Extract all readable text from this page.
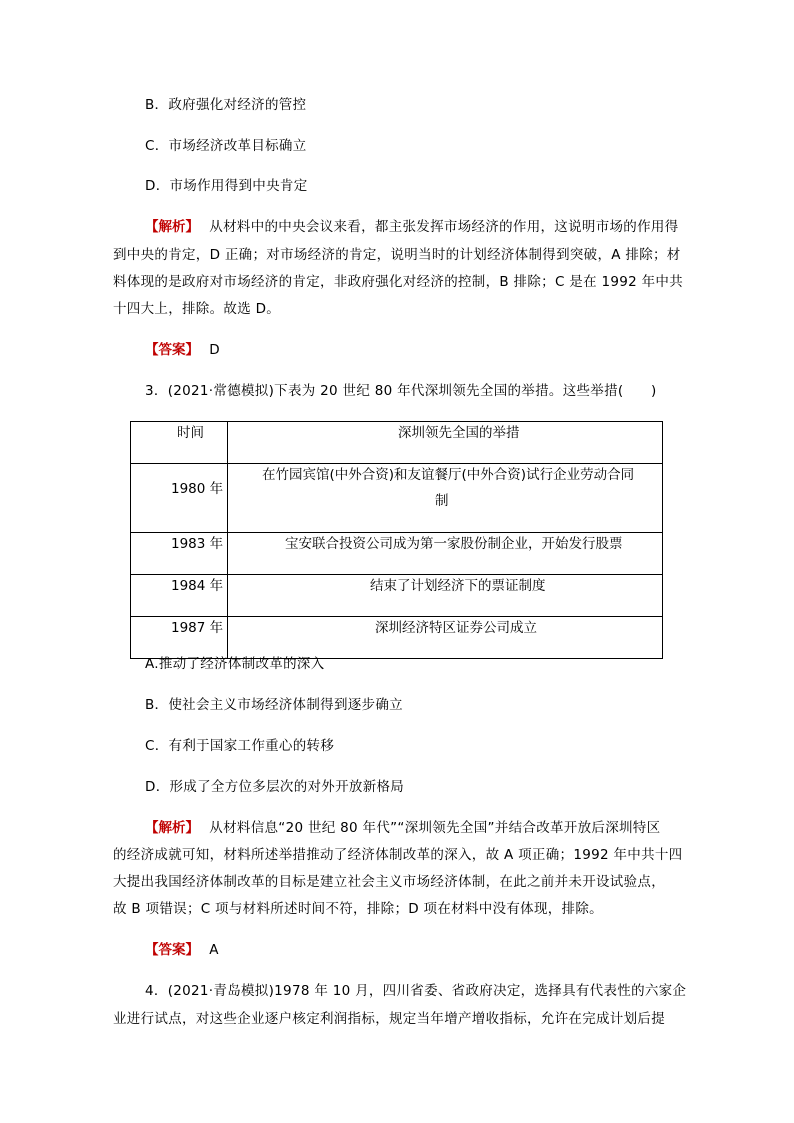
B．政府强化对经济的管控
C．市场经济改革目标确立
D．市场作用得到中央肯定
【解析】 从材料中的中央会议来看，都主张发挥市场经济的作用，这说明市场的作用得
到中央的肯定，D 正确；对市场经济的肯定，说明当时的计划经济体制得到突破，A 排除；材
料体现的是政府对市场经济的肯定，非政府强化对经济的控制，B 排除；C 是在 1992 年中共
十四大上，排除。故选 D。
【答案】 D
3．(2021·常德模拟)下表为 20 世纪 80 年代深圳领先全国的举措。这些举措(　　)
时间	深圳领先全国的举措

1980 年	在竹园宾馆(中外合资)和友谊餐厅(中外合资)试行企业劳动合同
制

1983 年	宝安联合投资公司成为第一家股份制企业，开始发行股票

1984 年	结束了计划经济下的票证制度

1987 年	深圳经济特区证券公司成立
A.推动了经济体制改革的深入
B．使社会主义市场经济体制得到逐步确立
C．有利于国家工作重心的转移
D．形成了全方位多层次的对外开放新格局
【解析】 从材料信息“20 世纪 80 年代”“深圳领先全国”并结合改革开放后深圳特区
的经济成就可知，材料所述举措推动了经济体制改革的深入，故 A 项正确；1992 年中共十四
大提出我国经济体制改革的目标是建立社会主义市场经济体制，在此之前并未开设试验点，
故 B 项错误；C 项与材料所述时间不符，排除；D 项在材料中没有体现，排除。
【答案】 A
4．(2021·青岛模拟)1978 年 10 月，四川省委、省政府决定，选择具有代表性的六家企
业进行试点，对这些企业逐户核定利润指标，规定当年增产增收指标，允许在完成计划后提
